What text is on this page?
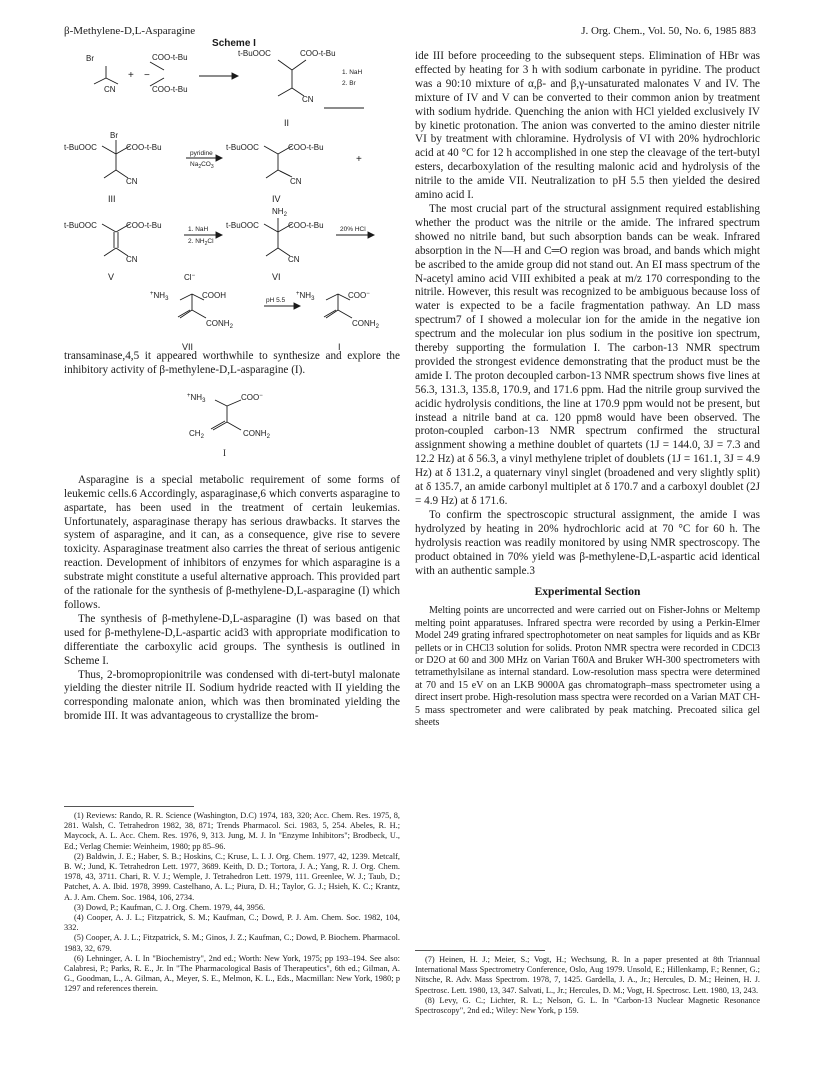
β-Methylene-D,L-Asparagine	J. Org. Chem., Vol. 50, No. 6, 1985 883
Scheme I
Br
CN
+ −
COO-t-Bu
COO-t-Bu
t-BuOOC	COO-t-Bu
CN
1. NaH
2. Br
II
Br
t-BuOOC	COO-t-Bu
CN
III
pyridine
$Na_2CO_3$
t-BuOOC	COO-t-Bu
CN
+
IV
t-BuOOC	COO-t-Bu
CN
V
1. NaH
2. $NH_2Cl$
$NH_2$
t-BuOOC	COO-t-Bu
CN
VI
20% HCl
Cl−
$^+NH_3$	COOH
$CONH_2$
VII
pH 5.5
$^+NH_3$	COO−
$CONH_2$
I

transaminase,4,5 it appeared worthwhile to synthesize and explore the inhibitory activity of β-methylene-D,L-asparagine (I).

$^+NH_3$	COO−
$CH_2$	$CONH_2$
I

Asparagine is a special metabolic requirement of some forms of leukemic cells.6 Accordingly, asparaginase,6 which converts asparagine to aspartate, has been used in the treatment of certain leukemias. Unfortunately, asparaginase therapy has serious drawbacks. It starves the system of asparagine, and it can, as a consequence, give rise to severe toxicity. Asparaginase treatment also carries the threat of serious antigenic reaction. Development of inhibitors of enzymes for which asparagine is a substrate might constitute a useful alternative approach. This provided part of the rationale for the synthesis of β-methylene-D,L-asparagine (I) which follows.

The synthesis of β-methylene-D,L-asparagine (I) was based on that used for β-methylene-D,L-aspartic acid3 with appropriate modification to differentiate the carboxylic acid groups. The synthesis is outlined in Scheme I.

Thus, 2-bromopropionitrile was condensed with di-tert-butyl malonate yielding the diester nitrile II. Sodium hydride reacted with II yielding the corresponding malonate anion, which was then brominated yielding the bromide III. It was advantageous to crystallize the brom-

ide III before proceeding to the subsequent steps. Elimination of HBr was effected by heating for 3 h with sodium carbonate in pyridine. The product was a 90:10 mixture of α,β- and β,γ-unsaturated malonates V and IV. The mixture of IV and V can be converted to their common anion by treatment with sodium hydride. Quenching the anion with HCl yielded exclusively IV by kinetic protonation. The anion was converted to the amino diester nitrile VI by treatment with chloramine. Hydrolysis of VI with 20% hydrochloric acid at 40 °C for 12 h accomplished in one step the cleavage of the tert-butyl esters, decarboxylation of the resulting malonic acid and hydrolysis of the nitrile to the amide VII. Neutralization to pH 5.5 then yielded the desired amino acid I.

The most crucial part of the structural assignment required establishing whether the product was the nitrile or the amide. The infrared spectrum showed no nitrile band, but such absorption bands can be weak. Infrared absorption in the N—H and C═O region was broad, and bands which might be ascribed to the amide group did not stand out. An EI mass spectrum of the N-acetyl amino acid VIII exhibited a peak at m/z 170 corresponding to the nitrile. However, this result was recognized to be ambiguous because loss of water is expected to be a facile fragmentation pathway. An LD mass spectrum7 of I showed a molecular ion for the amide in the negative ion spectrum and the molecular ion plus sodium in the positive ion spectrum, thereby supporting the formulation I. The carbon-13 NMR spectrum provided the strongest evidence demonstrating that the product must be the amide I. The proton decoupled carbon-13 NMR spectrum shows five lines at 56.3, 131.3, 135.8, 170.9, and 171.6 ppm. Had the nitrile group survived the acidic hydrolysis conditions, the line at 170.9 ppm would not be present, but instead a nitrile band at ca. 120 ppm8 would have been observed. The proton-coupled carbon-13 NMR spectrum confirmed the structural assignment showing a methine doublet of quartets (1J = 144.0, 3J = 7.3 and 12.2 Hz) at δ 56.3, a vinyl methylene triplet of doublets (1J = 161.1, 3J = 4.9 Hz) at δ 131.2, a quaternary vinyl singlet (broadened and very slightly split) at δ 135.7, an amide carbonyl multiplet at δ 170.7 and a carboxyl doublet (2J = 4.9 Hz) at δ 171.6.

To confirm the spectroscopic structural assignment, the amide I was hydrolyzed by heating in 20% hydrochloric acid at 70 °C for 60 h. The hydrolysis reaction was readily monitored by using NMR spectroscopy. The product obtained in 70% yield was β-methylene-D,L-aspartic acid identical with an authentic sample.3

Experimental Section

Melting points are uncorrected and were carried out on Fisher-Johns or Meltemp melting point apparatuses. Infrared spectra were recorded by using a Perkin-Elmer Model 249 grating infrared spectrophotometer on neat samples for liquids and as KBr pellets or in CHCl3 solution for solids. Proton NMR spectra were recorded in CDCl3 or D2O at 60 and 300 MHz on Varian T60A and Bruker WH-300 spectrometers with tetramethylsilane as internal standard. Low-resolution mass spectra were determined at 70 and 15 eV on an LKB 9000A gas chromatograph–mass spectrometer using a direct insert probe. High-resolution mass spectra were recorded on a Varian MAT CH-5 mass spectrometer and were calibrated by peak matching. Precoated silica gel sheets

(1) Reviews: Rando, R. R. Science (Washington, D.C) 1974, 183, 320; Acc. Chem. Res. 1975, 8, 281. Walsh, C. Tetrahedron 1982, 38, 871; Trends Pharmacol. Sci. 1983, 5, 254. Abeles, R. H.; Maycock, A. L. Acc. Chem. Res. 1976, 9, 313. Jung, M. J. In "Enzyme Inhibitors"; Brodbeck, U., Ed.; Verlag Chemie: Weinheim, 1980; pp 85–96.

(2) Baldwin, J. E.; Haber, S. B.; Hoskins, C.; Kruse, L. I. J. Org. Chem. 1977, 42, 1239. Metcalf, B. W.; Jund, K. Tetrahedron Lett. 1977, 3689. Keith, D. D.; Tortora, J. A.; Yang, R. J. Org. Chem. 1978, 43, 3711. Chari, R. V. J.; Wemple, J. Tetrahedron Lett. 1979, 111. Greenlee, W. J.; Taub, D.; Patchet, A. A. Ibid. 1978, 3999. Castelhano, A. L.; Piura, D. H.; Taylor, G. J.; Hsieh, K. C.; Krantz, A. J. Am. Chem. Soc. 1984, 106, 2734.

(3) Dowd, P.; Kaufman, C. J. Org. Chem. 1979, 44, 3956.

(4) Cooper, A. J. L.; Fitzpatrick, S. M.; Kaufman, C.; Dowd, P. J. Am. Chem. Soc. 1982, 104, 332.

(5) Cooper, A. J. L.; Fitzpatrick, S. M.; Ginos, J. Z.; Kaufman, C.; Dowd, P. Biochem. Pharmacol. 1983, 32, 679.

(6) Lehninger, A. I. In "Biochemistry", 2nd ed.; Worth: New York, 1975; pp 193–194. See also: Calabresi, P.; Parks, R. E., Jr. In "The Pharmacological Basis of Therapeutics", 6th ed.; Gilman, A. G., Goodman, L., A. Gilman, A., Meyer, S. E., Melmon, K. L., Eds., Macmillan: New York, 1980; p 1297 and references therein.

(7) Heinen, H. J.; Meier, S.; Vogt, H.; Wechsung, R. In a paper presented at 8th Triannual International Mass Spectrometry Conference, Oslo, Aug 1979. Unsold, E.; Hillenkamp, F.; Renner, G.; Nitsche, R. Adv. Mass Spectrom. 1978, 7, 1425. Gardella, J. A., Jr.; Hercules, D. M.; Heinen, H. J. Spectrosc. Lett. 1980, 13, 347. Salvati, L., Jr.; Hercules, D. M.; Vogt, H. Spectrosc. Lett. 1980, 13, 243.

(8) Levy, G. C.; Lichter, R. L.; Nelson, G. L. In "Carbon-13 Nuclear Magnetic Resonance Spectroscopy", 2nd ed.; Wiley: New York, p 159.
